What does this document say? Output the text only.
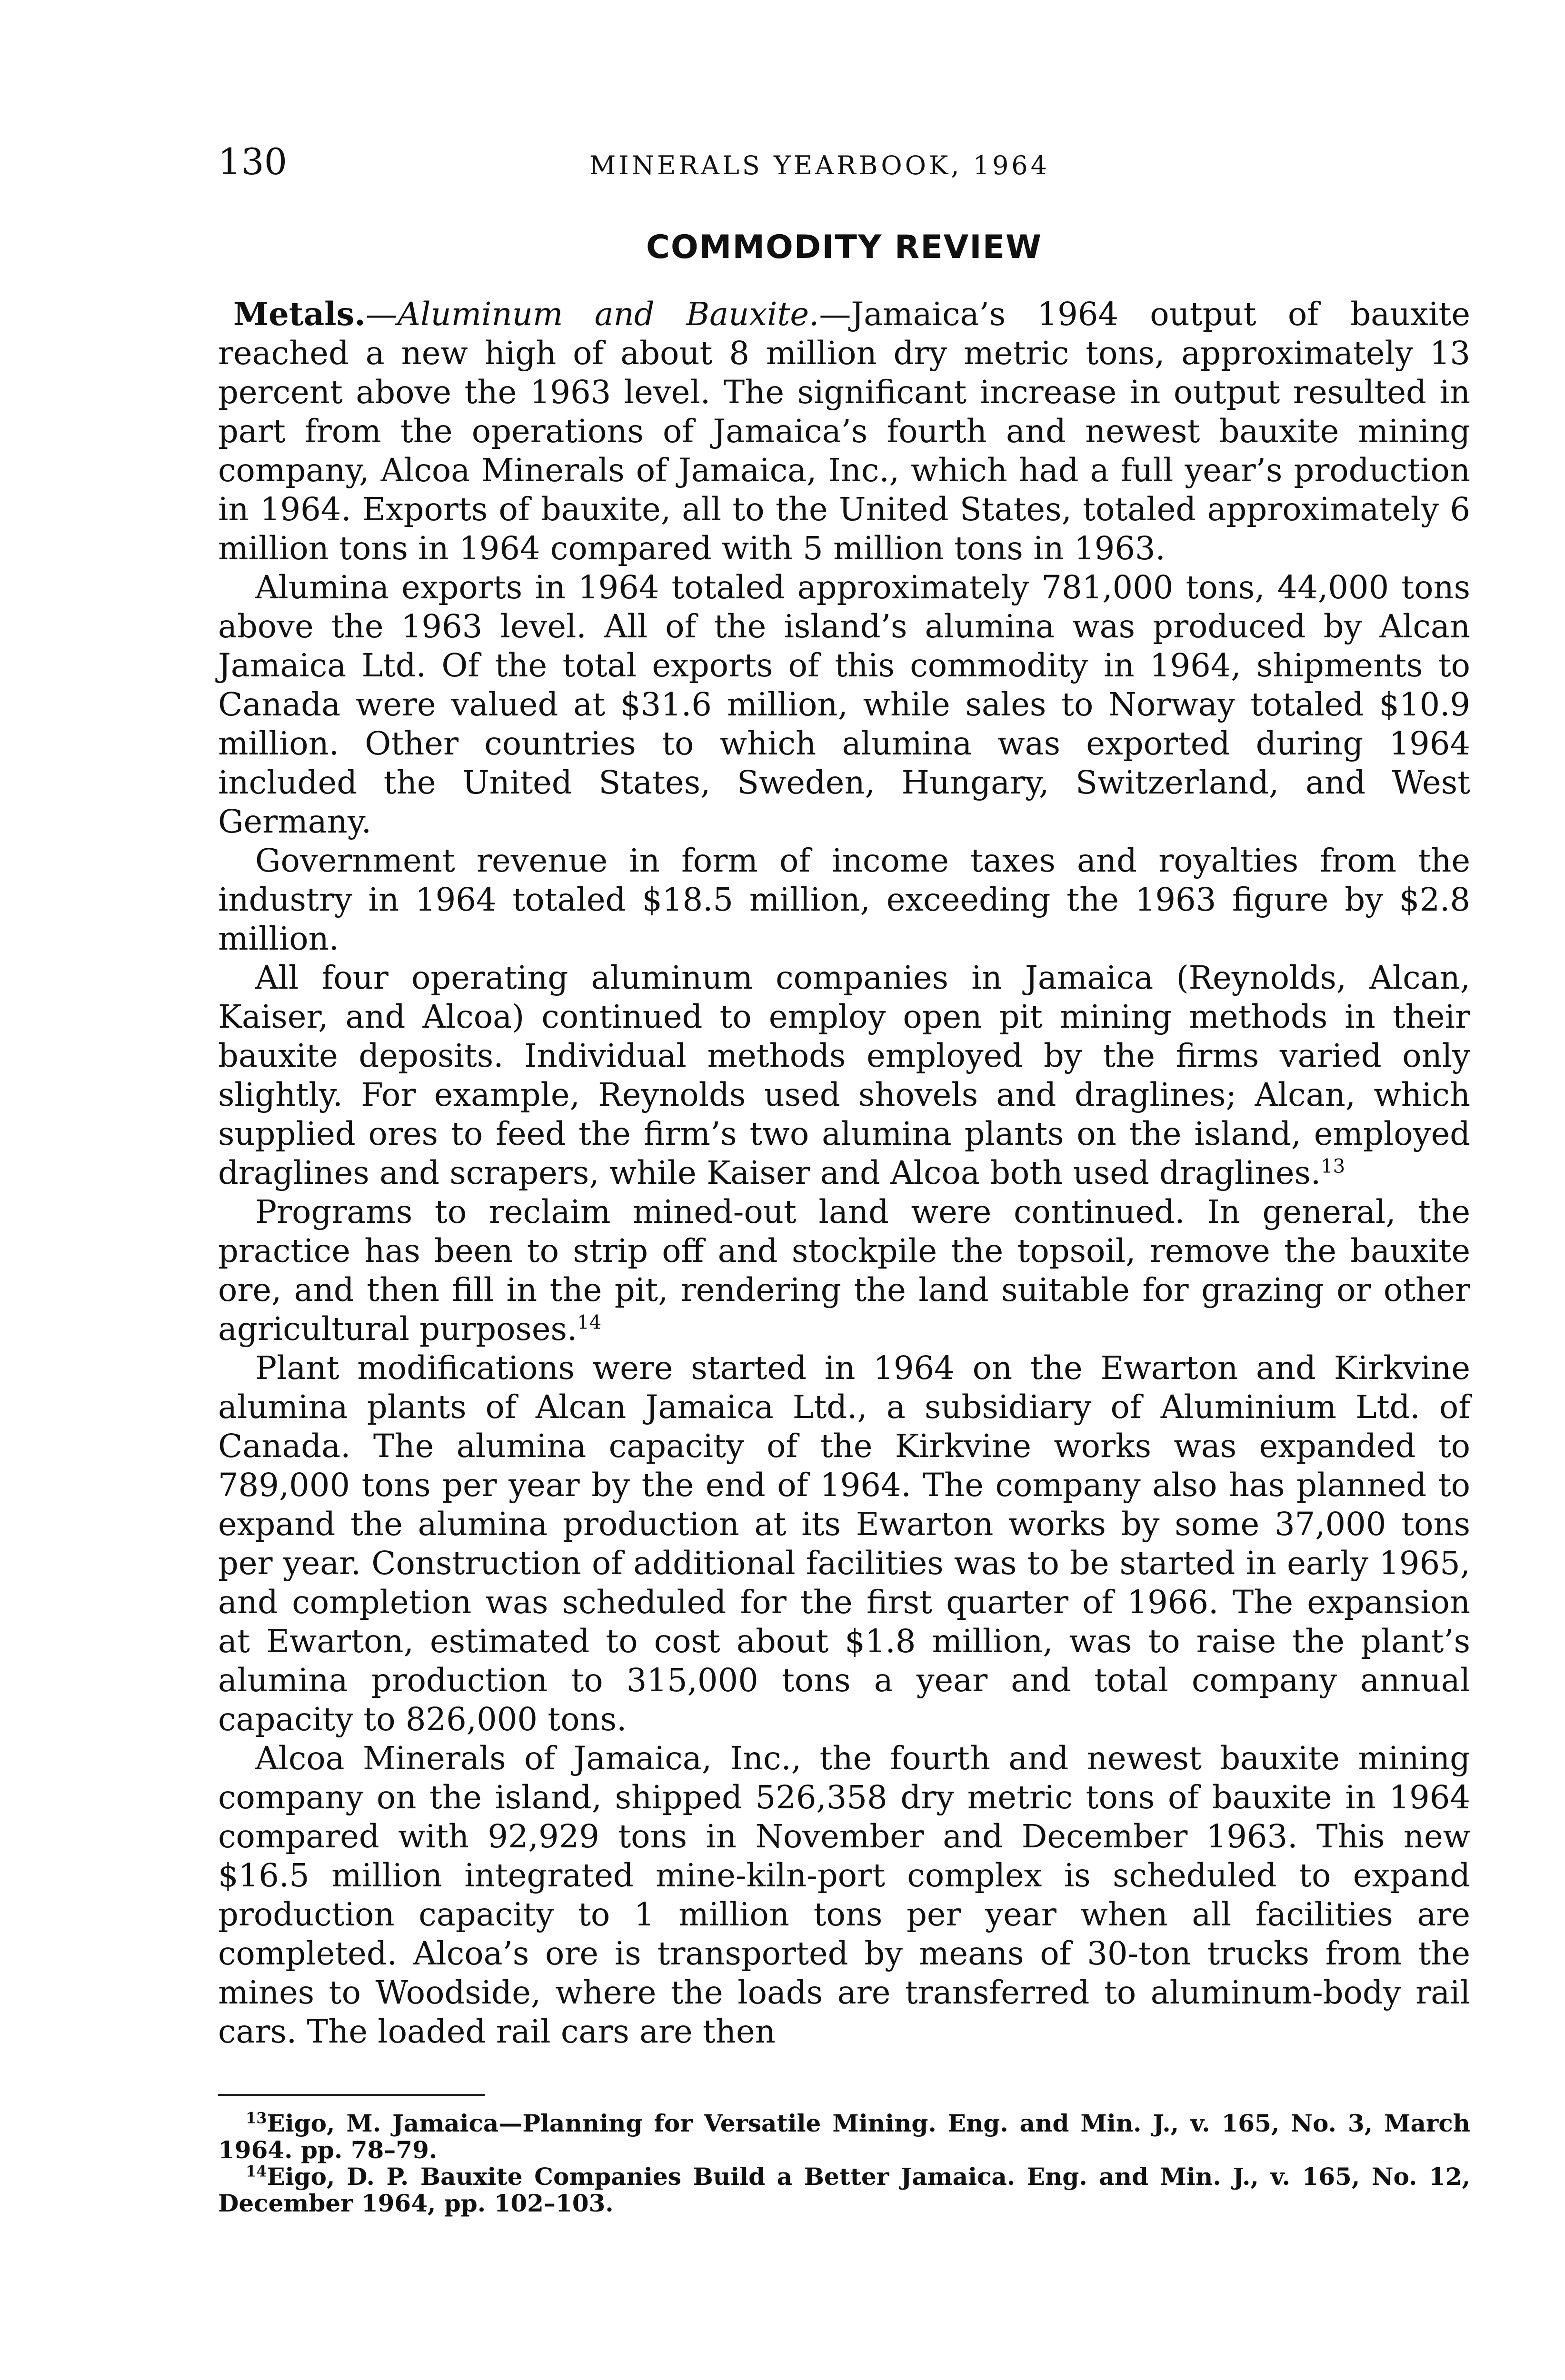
130	MINERALS YEARBOOK, 1964
COMMODITY REVIEW

Metals.—Aluminum and Bauxite.—Jamaica’s 1964 output of bauxite reached a new high of about 8 million dry metric tons, approximately 13 percent above the 1963 level. The significant increase in output resulted in part from the operations of Jamaica’s fourth and newest bauxite mining company, Alcoa Minerals of Jamaica, Inc., which had a full year’s production in 1964. Exports of bauxite, all to the United States, totaled approximately 6 million tons in 1964 compared with 5 million tons in 1963.

Alumina exports in 1964 totaled approximately 781,000 tons, 44,000 tons above the 1963 level. All of the island’s alumina was produced by Alcan Jamaica Ltd. Of the total exports of this commodity in 1964, shipments to Canada were valued at $31.6 million, while sales to Norway totaled $10.9 million. Other countries to which alumina was exported during 1964 included the United States, Sweden, Hungary, Switzerland, and West Germany.

Government revenue in form of income taxes and royalties from the industry in 1964 totaled $18.5 million, exceeding the 1963 figure by $2.8 million.

All four operating aluminum companies in Jamaica (Reynolds, Alcan, Kaiser, and Alcoa) continued to employ open pit mining methods in their bauxite deposits. Individual methods employed by the firms varied only slightly. For example, Reynolds used shovels and draglines; Alcan, which supplied ores to feed the firm’s two alumina plants on the island, employed draglines and scrapers, while Kaiser and Alcoa both used draglines.$^{13}$

Programs to reclaim mined-out land were continued. In general, the practice has been to strip off and stockpile the topsoil, remove the bauxite ore, and then fill in the pit, rendering the land suitable for grazing or other agricultural purposes.$^{14}$

Plant modifications were started in 1964 on the Ewarton and Kirkvine alumina plants of Alcan Jamaica Ltd., a subsidiary of Aluminium Ltd. of Canada. The alumina capacity of the Kirkvine works was expanded to 789,000 tons per year by the end of 1964. The company also has planned to expand the alumina production at its Ewarton works by some 37,000 tons per year. Construction of additional facilities was to be started in early 1965, and completion was scheduled for the first quarter of 1966. The expansion at Ewarton, estimated to cost about $1.8 million, was to raise the plant’s alumina production to 315,000 tons a year and total company annual capacity to 826,000 tons.

Alcoa Minerals of Jamaica, Inc., the fourth and newest bauxite mining company on the island, shipped 526,358 dry metric tons of bauxite in 1964 compared with 92,929 tons in November and December 1963. This new $16.5 million integrated mine-kiln-port complex is scheduled to expand production capacity to 1 million tons per year when all facilities are completed. Alcoa’s ore is transported by means of 30-ton trucks from the mines to Woodside, where the loads are transferred to aluminum-body rail cars. The loaded rail cars are then

$^{13}$Eigo, M. Jamaica—Planning for Versatile Mining. Eng. and Min. J., v. 165, No. 3, March 1964. pp. 78–79.

$^{14}$Eigo, D. P. Bauxite Companies Build a Better Jamaica. Eng. and Min. J., v. 165, No. 12, December 1964, pp. 102–103.
